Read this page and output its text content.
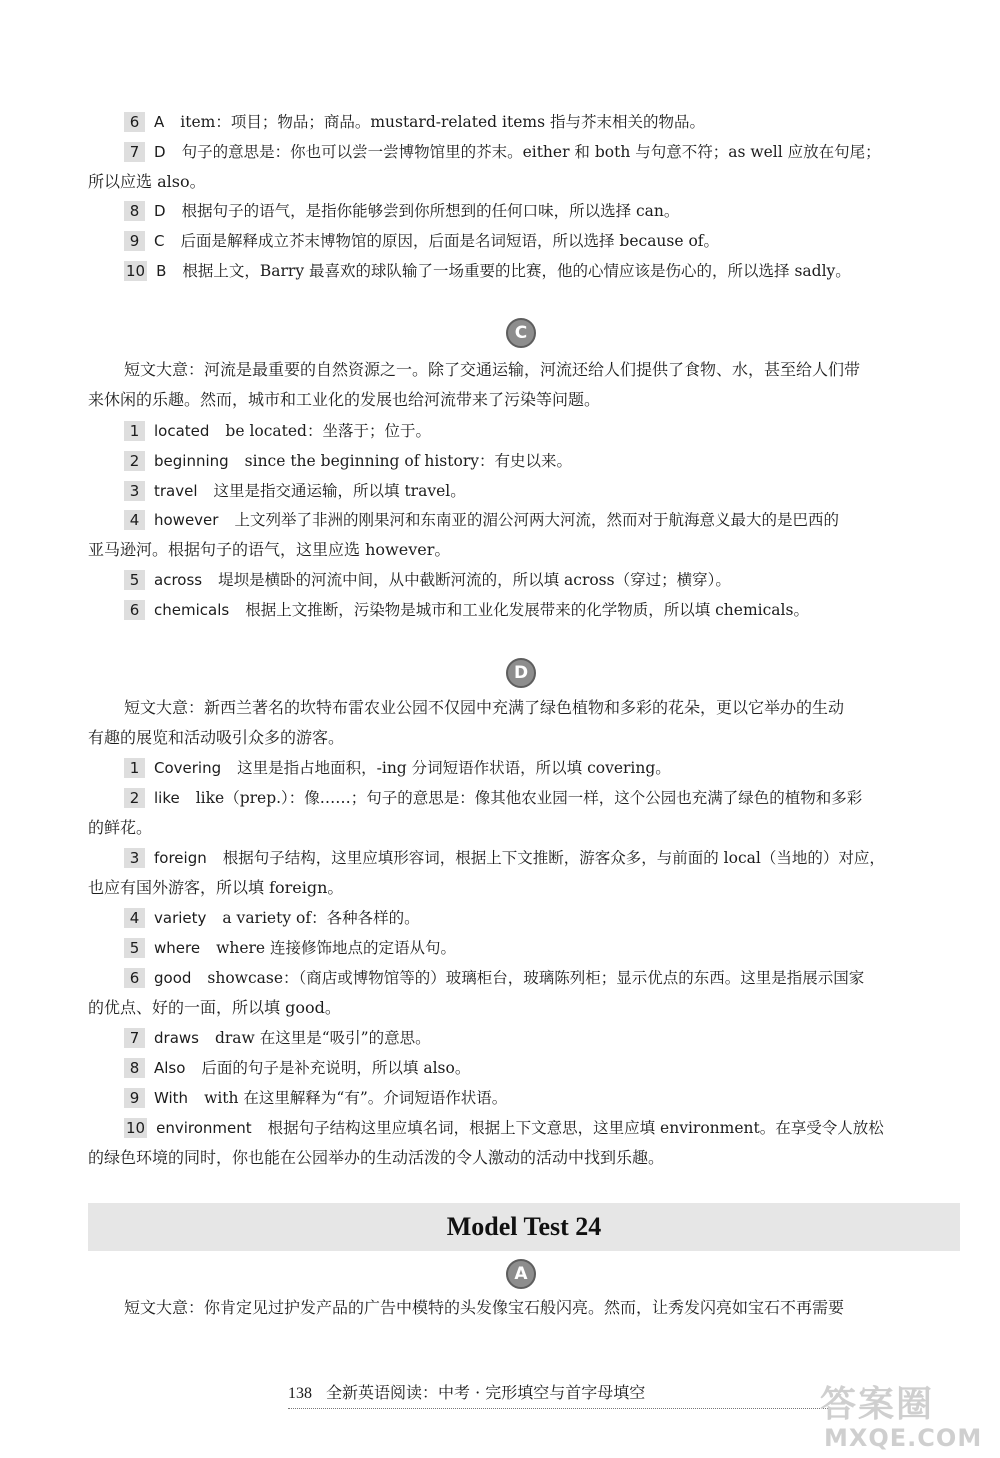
6 A item：项目；物品；商品。mustard-related items 指与芥末相关的物品。
7 D 句子的意思是：你也可以尝一尝博物馆里的芥末。either 和 both 与句意不符；as well 应放在句尾；
所以应选 also。
8 D 根据句子的语气，是指你能够尝到你所想到的任何口味，所以选择 can。
9 C 后面是解释成立芥末博物馆的原因，后面是名词短语，所以选择 because of。
10 B 根据上文，Barry 最喜欢的球队输了一场重要的比赛，他的心情应该是伤心的，所以选择 sadly。
C
短文大意：河流是最重要的自然资源之一。除了交通运输，河流还给人们提供了食物、水，甚至给人们带
来休闲的乐趣。然而，城市和工业化的发展也给河流带来了污染等问题。
1 located be located：坐落于；位于。
2 beginning since the beginning of history：有史以来。
3 travel 这里是指交通运输，所以填 travel。
4 however 上文列举了非洲的刚果河和东南亚的湄公河两大河流，然而对于航海意义最大的是巴西的
亚马逊河。根据句子的语气，这里应选 however。
5 across 堤坝是横卧的河流中间，从中截断河流的，所以填 across（穿过；横穿）。
6 chemicals 根据上文推断，污染物是城市和工业化发展带来的化学物质，所以填 chemicals。
D
短文大意：新西兰著名的坎特布雷农业公园不仅园中充满了绿色植物和多彩的花朵，更以它举办的生动
有趣的展览和活动吸引众多的游客。
1 Covering 这里是指占地面积，-ing 分词短语作状语，所以填 covering。
2 like like（prep.）：像……；句子的意思是：像其他农业园一样，这个公园也充满了绿色的植物和多彩
的鲜花。
3 foreign 根据句子结构，这里应填形容词，根据上下文推断，游客众多，与前面的 local（当地的）对应，
也应有国外游客，所以填 foreign。
4 variety a variety of：各种各样的。
5 where where 连接修饰地点的定语从句。
6 good showcase：（商店或博物馆等的）玻璃柜台，玻璃陈列柜；显示优点的东西。这里是指展示国家
的优点、好的一面，所以填 good。
7 draws draw 在这里是“吸引”的意思。
8 Also 后面的句子是补充说明，所以填 also。
9 With with 在这里解释为“有”。介词短语作状语。
10 environment 根据句子结构这里应填名词，根据上下文意思，这里应填 environment。在享受令人放松
的绿色环境的同时，你也能在公园举办的生动活泼的令人激动的活动中找到乐趣。
Model Test 24
A
短文大意：你肯定见过护发产品的广告中模特的头发像宝石般闪亮。然而，让秀发闪亮如宝石不再需要
138 全新英语阅读：中考 · 完形填空与首字母填空	答案圈
MXQE.COM
